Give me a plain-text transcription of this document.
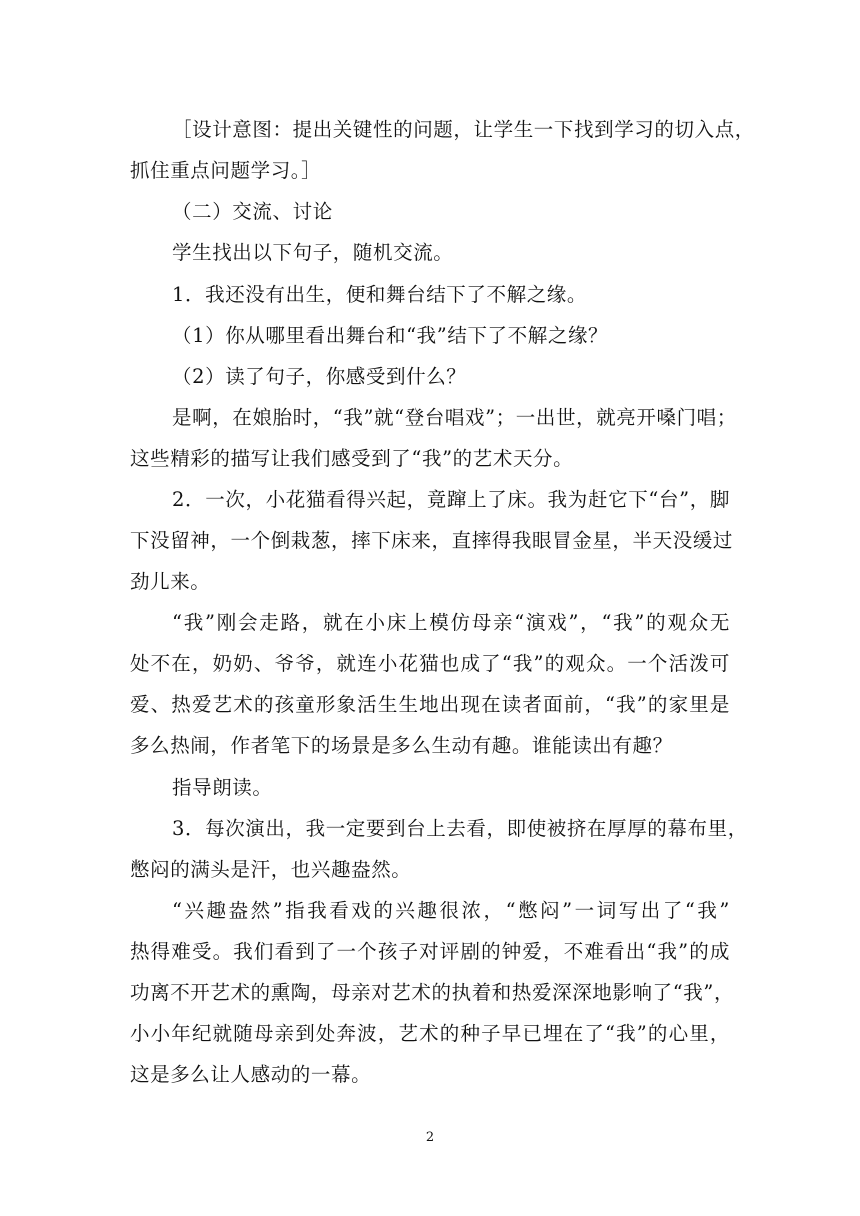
［设计意图：提出关键性的问题，让学生一下找到学习的切入点，
抓住重点问题学习。］
（二）交流、讨论
学生找出以下句子，随机交流。
1．我还没有出生，便和舞台结下了不解之缘。
（1）你从哪里看出舞台和“我”结下了不解之缘？
（2）读了句子，你感受到什么？
是啊，在娘胎时，“我”就“登台唱戏”；一出世，就亮开嗓门唱；
这些精彩的描写让我们感受到了“我”的艺术天分。
2．一次，小花猫看得兴起，竟蹿上了床。我为赶它下“台”，脚
下没留神，一个倒栽葱，摔下床来，直摔得我眼冒金星，半天没缓过
劲儿来。
“我”刚会走路，就在小床上模仿母亲“演戏”，“我”的观众无
处不在，奶奶、爷爷，就连小花猫也成了“我”的观众。一个活泼可
爱、热爱艺术的孩童形象活生生地出现在读者面前，“我”的家里是
多么热闹，作者笔下的场景是多么生动有趣。谁能读出有趣？
指导朗读。
3．每次演出，我一定要到台上去看，即使被挤在厚厚的幕布里，
憋闷的满头是汗，也兴趣盎然。
“兴趣盎然”指我看戏的兴趣很浓，“憋闷”一词写出了“我”
热得难受。我们看到了一个孩子对评剧的钟爱，不难看出“我”的成
功离不开艺术的熏陶，母亲对艺术的执着和热爱深深地影响了“我”，
小小年纪就随母亲到处奔波，艺术的种子早已埋在了“我”的心里，
这是多么让人感动的一幕。
2
